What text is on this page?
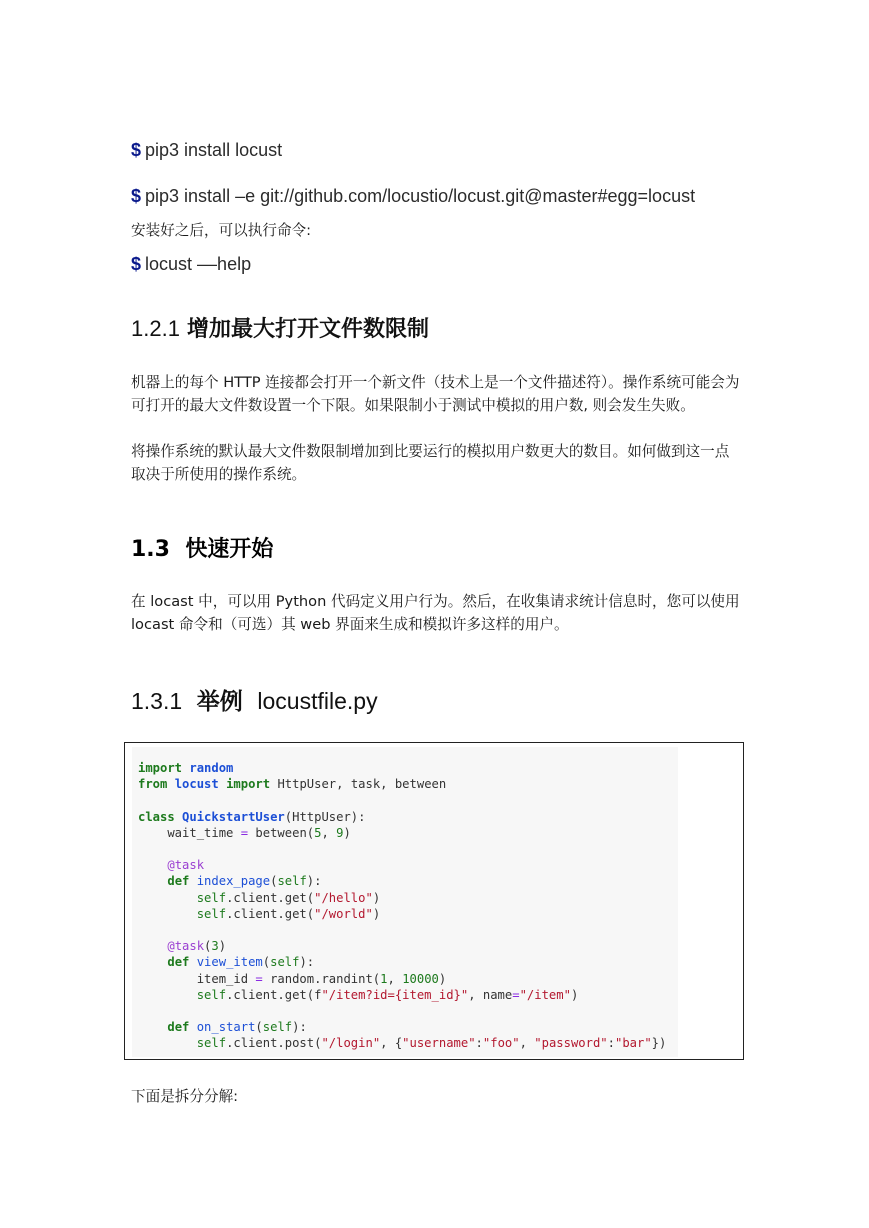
$ pip3 install locust
$ pip3 install –e git://github.com/locustio/locust.git@master#egg=locust
安装好之后，可以执行命令:
$ locust ––help
1.2.1 增加最大打开文件数限制
机器上的每个 HTTP 连接都会打开一个新文件（技术上是一个文件描述符）。操作系统可能会为可打开的最大文件数设置一个下限。如果限制小于测试中模拟的用户数, 则会发生失败。
将操作系统的默认最大文件数限制增加到比要运行的模拟用户数更大的数目。如何做到这一点取决于所使用的操作系统。
1.3 快速开始
在 locast 中，可以用 Python 代码定义用户行为。然后，在收集请求统计信息时，您可以使用 locast 命令和（可选）其 web 界面来生成和模拟许多这样的用户。
1.3.1 举例 locustfile.py
import random
from locust import HttpUser, task, between

class QuickstartUser(HttpUser):
wait_time = between(5, 9)

@task
def index_page(self):
self.client.get("/hello")
self.client.get("/world")

@task(3)
def view_item(self):
item_id = random.randint(1, 10000)
self.client.get(f"/item?id={item_id}", name="/item")

def on_start(self):
self.client.post("/login", {"username":"foo", "password":"bar"})
下面是拆分分解:
